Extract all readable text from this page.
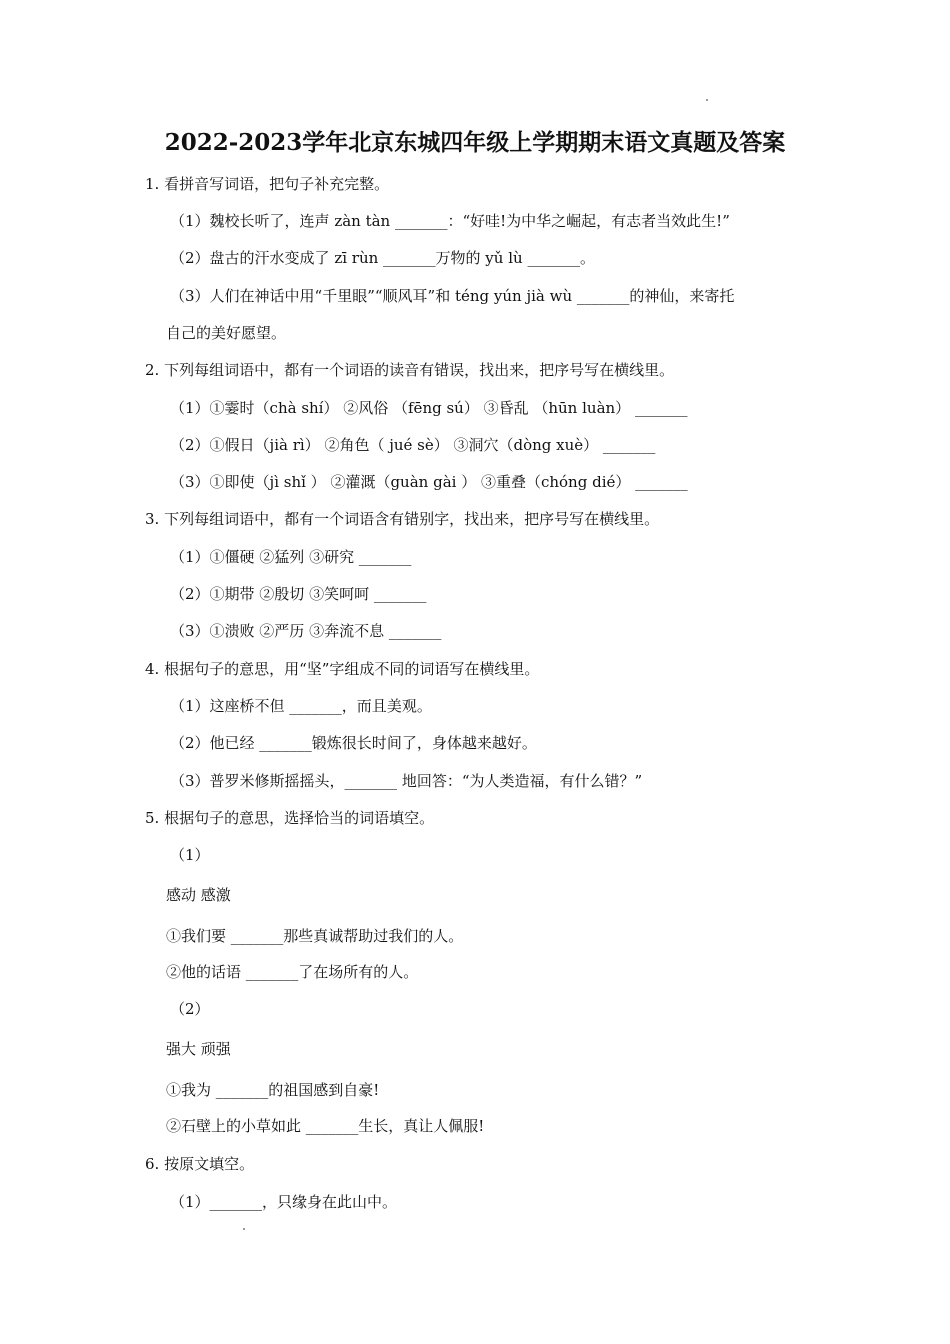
2022-2023学年北京东城四年级上学期期末语文真题及答案
1. 看拼音写词语，把句子补充完整。
（1）魏校长听了，连声 zàn tàn _______：“好哇!为中华之崛起，有志者当效此生!”
（2）盘古的汗水变成了 zī rùn _______万物的 yǔ lù _______。
（3）人们在神话中用“千里眼”“顺风耳”和 téng yún jià wù _______的神仙，来寄托
自己的美好愿望。
2. 下列每组词语中，都有一个词语的读音有错误，找出来，把序号写在横线里。
（1）①霎时（chà shí） ②风俗 （fēng sú） ③昏乱 （hūn luàn） _______
（2）①假日（jià rì） ②角色（ jué sè） ③洞穴（dòng xuè） _______
（3）①即使（jì shǐ ） ②灌溉（guàn gài ） ③重叠（chóng dié） _______
3. 下列每组词语中，都有一个词语含有错别字，找出来，把序号写在横线里。
（1）①僵硬 ②猛列 ③研究 _______
（2）①期带 ②殷切 ③笑呵呵 _______
（3）①溃败 ②严历 ③奔流不息 _______
4. 根据句子的意思，用“坚”字组成不同的词语写在横线里。
（1）这座桥不但 _______，而且美观。
（2）他已经 _______锻炼很长时间了，身体越来越好。
（3）普罗米修斯摇摇头，_______ 地回答：“为人类造福，有什么错？”
5. 根据句子的意思，选择恰当的词语填空。
（1）
感动 感激
①我们要 _______那些真诚帮助过我们的人。
②他的话语 _______了在场所有的人。
（2）
强大 顽强
①我为 _______的祖国感到自豪!
②石壁上的小草如此 _______生长，真让人佩服!
6. 按原文填空。
（1）_______，只缘身在此山中。
